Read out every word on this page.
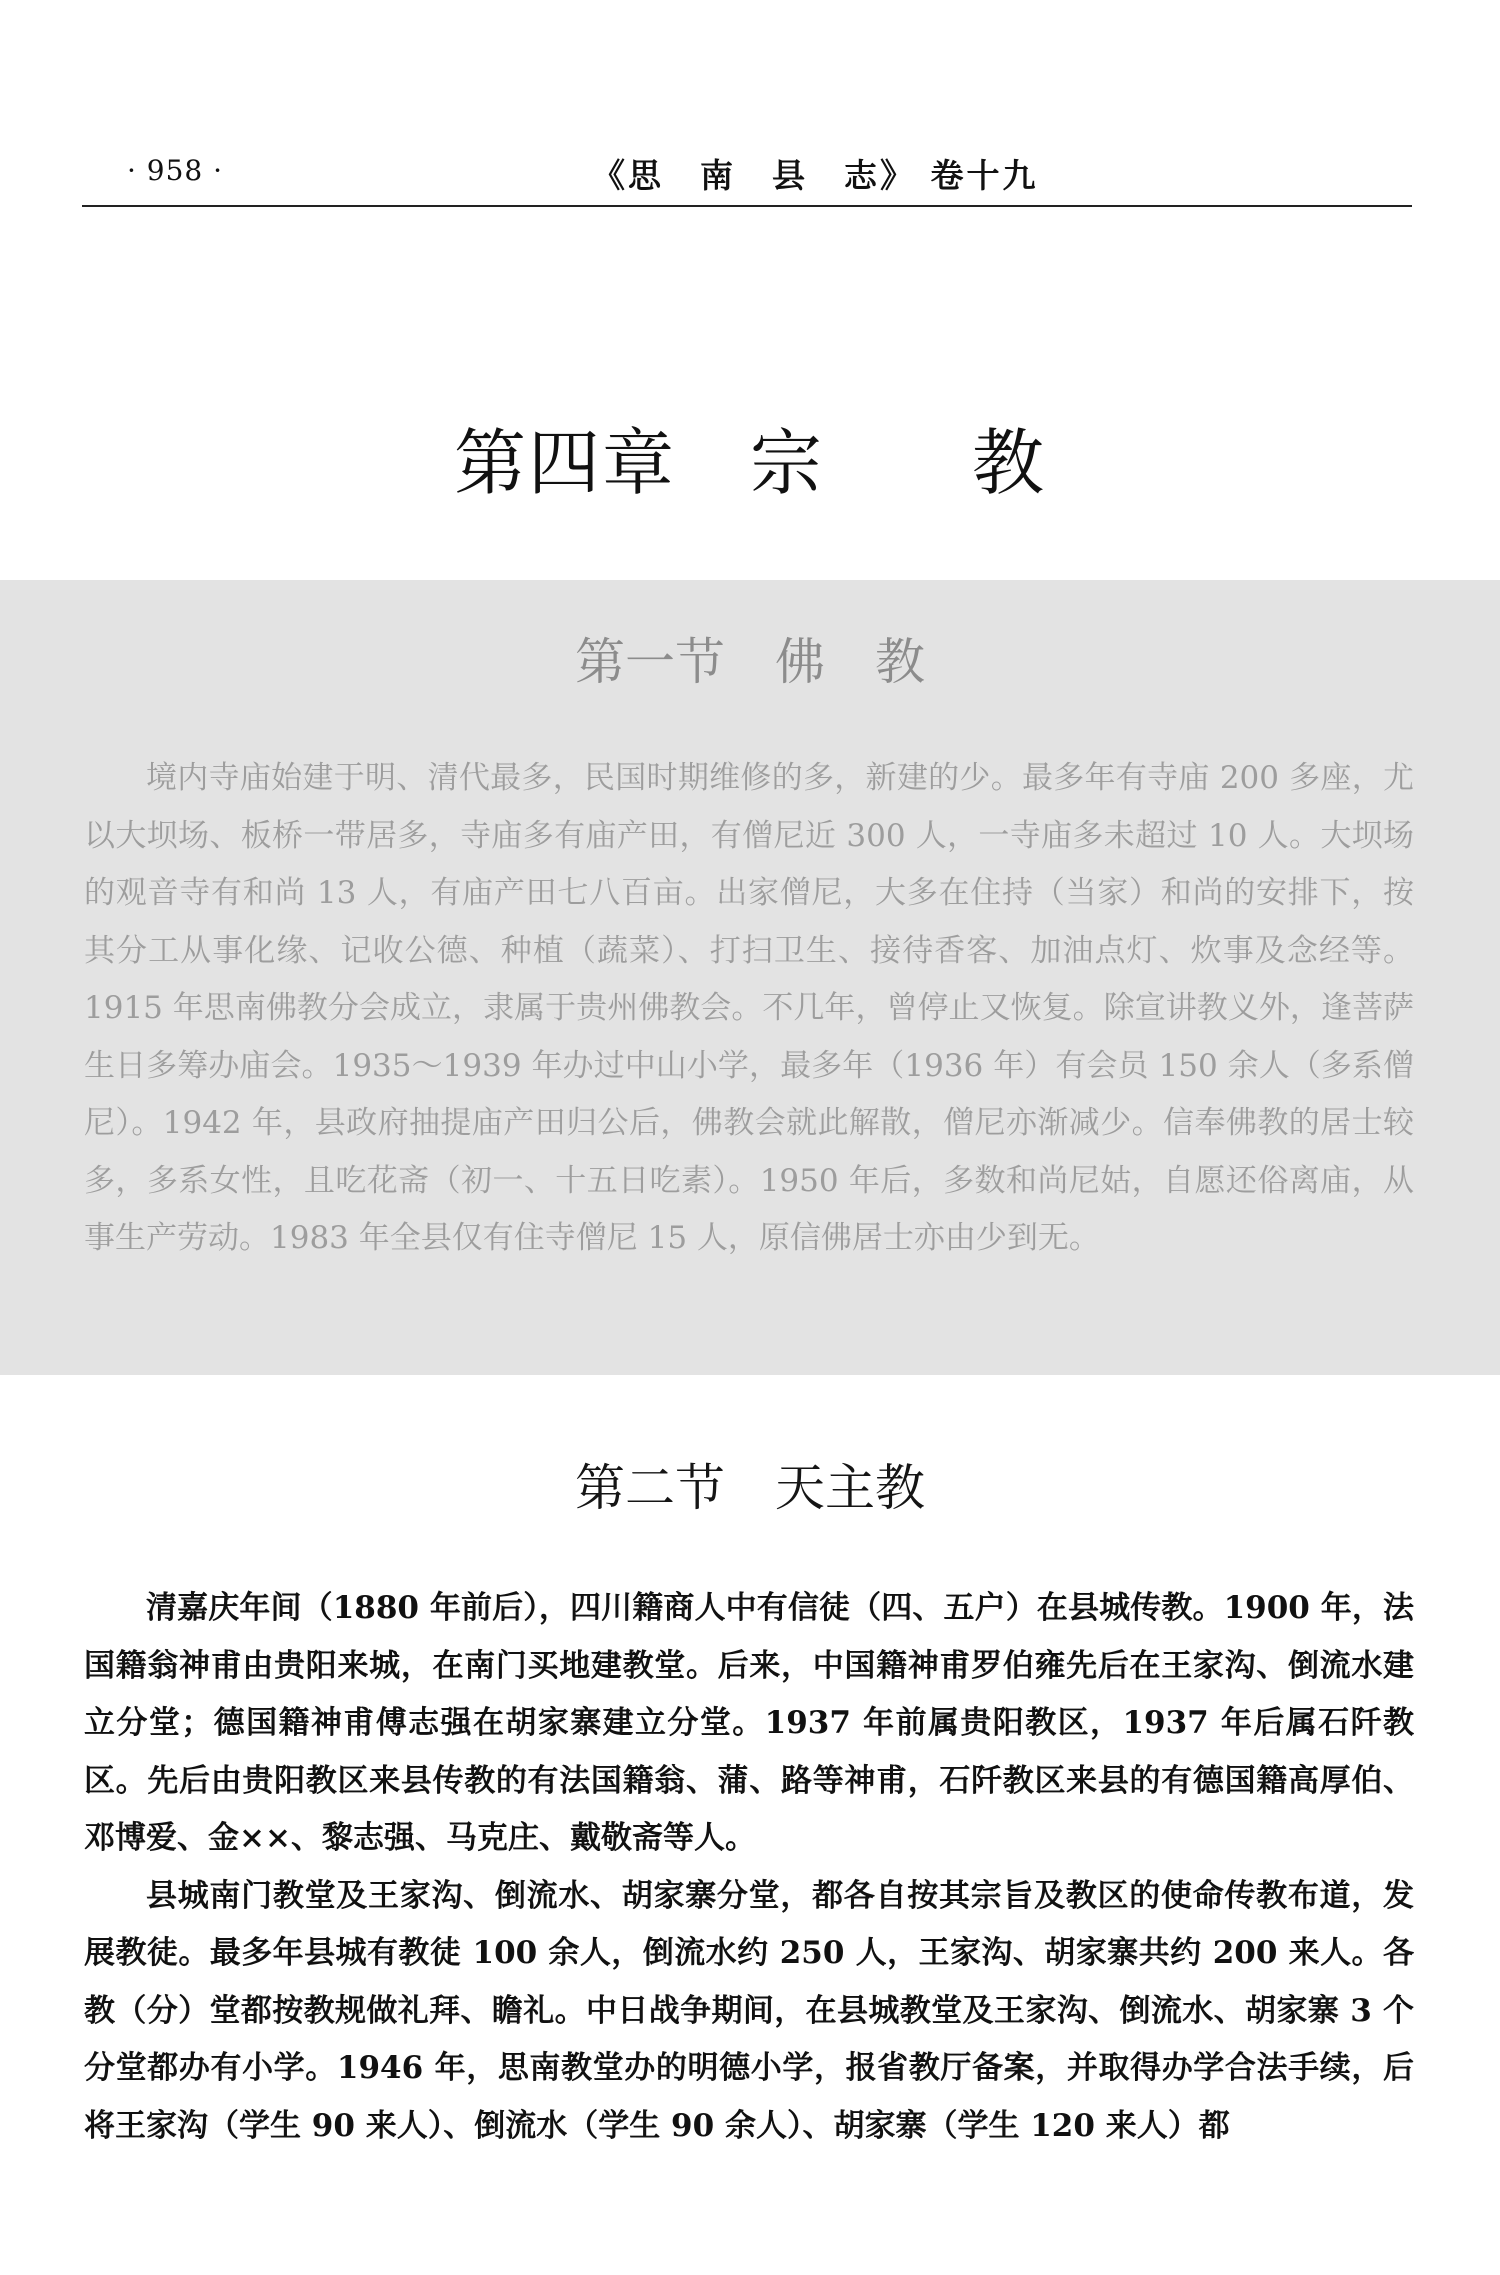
· 958 ·	《思　南　县　志》 卷十九
第四章　宗　　教
第一节　佛　教

境内寺庙始建于明、清代最多，民国时期维修的多，新建的少。最多年有寺庙 200 多座，尤以大坝场、板桥一带居多，寺庙多有庙产田，有僧尼近 300 人，一寺庙多未超过 10 人。大坝场的观音寺有和尚 13 人，有庙产田七八百亩。出家僧尼，大多在住持（当家）和尚的安排下，按其分工从事化缘、记收公德、种植（蔬菜）、打扫卫生、接待香客、加油点灯、炊事及念经等。1915 年思南佛教分会成立，隶属于贵州佛教会。不几年，曾停止又恢复。除宣讲教义外，逢菩萨生日多筹办庙会。1935～1939 年办过中山小学，最多年（1936 年）有会员 150 余人（多系僧尼）。1942 年，县政府抽提庙产田归公后，佛教会就此解散，僧尼亦渐减少。信奉佛教的居士较多，多系女性，且吃花斋（初一、十五日吃素）。1950 年后，多数和尚尼姑，自愿还俗离庙，从事生产劳动。1983 年全县仅有住寺僧尼 15 人，原信佛居士亦由少到无。

第二节　天主教

清嘉庆年间（1880 年前后），四川籍商人中有信徒（四、五户）在县城传教。1900 年，法国籍翁神甫由贵阳来城，在南门买地建教堂。后来，中国籍神甫罗伯雍先后在王家沟、倒流水建立分堂；德国籍神甫傅志强在胡家寨建立分堂。1937 年前属贵阳教区，1937 年后属石阡教区。先后由贵阳教区来县传教的有法国籍翁、蒲、路等神甫，石阡教区来县的有德国籍高厚伯、邓博爱、金××、黎志强、马克庄、戴敬斋等人。

县城南门教堂及王家沟、倒流水、胡家寨分堂，都各自按其宗旨及教区的使命传教布道，发展教徒。最多年县城有教徒 100 余人，倒流水约 250 人，王家沟、胡家寨共约 200 来人。各教（分）堂都按教规做礼拜、瞻礼。中日战争期间，在县城教堂及王家沟、倒流水、胡家寨 3 个分堂都办有小学。1946 年，思南教堂办的明德小学，报省教厅备案，并取得办学合法手续，后将王家沟（学生 90 来人）、倒流水（学生 90 余人）、胡家寨（学生 120 来人）都
